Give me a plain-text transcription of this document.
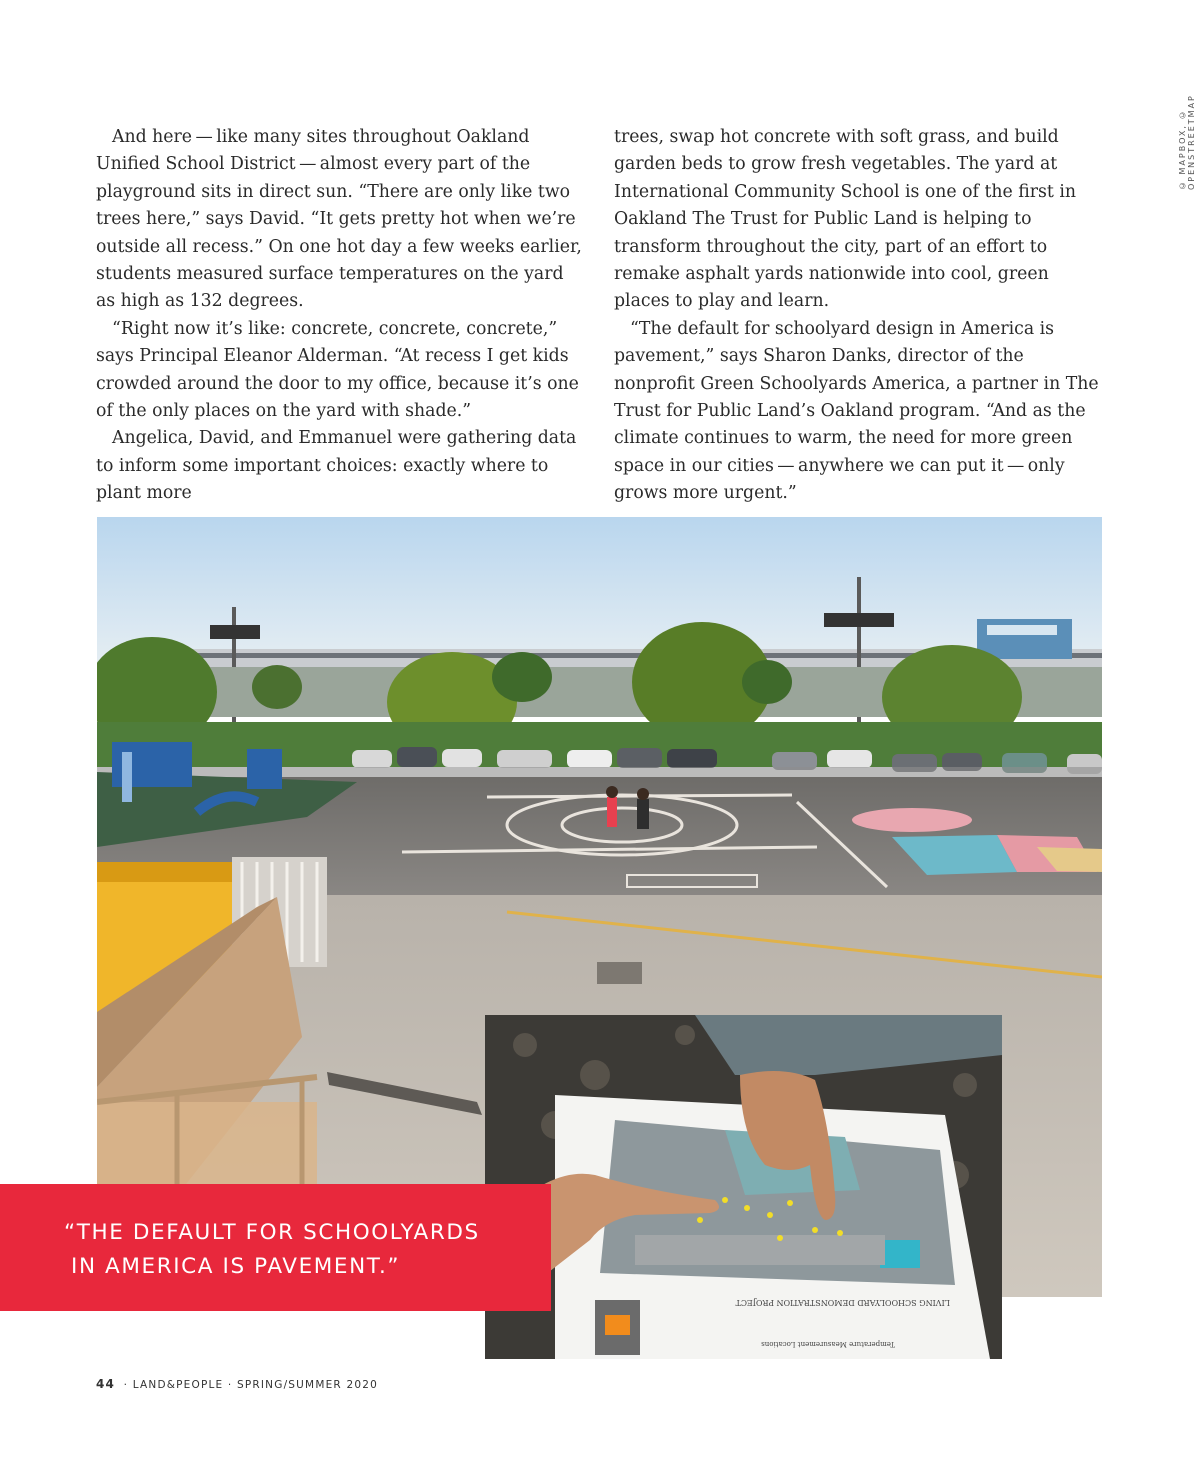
© MAPBOX, © OPENSTREETMAP

And here — like many sites throughout Oakland Unified School District — almost every part of the playground sits in direct sun. “There are only like two trees here,” says David. “It gets pretty hot when we’re outside all recess.” On one hot day a few weeks earlier, students measured surface temperatures on the yard as high as 132 degrees.

“Right now it’s like: concrete, concrete, concrete,” says Principal Eleanor Alderman. “At recess I get kids crowded around the door to my office, because it’s one of the only places on the yard with shade.”

Angelica, David, and Emmanuel were gathering data to inform some important choices: exactly where to plant more

trees, swap hot concrete with soft grass, and build garden beds to grow fresh vegetables. The yard at International Community School is one of the first in Oakland The Trust for Public Land is helping to transform throughout the city, part of an effort to remake asphalt yards nationwide into cool, green places to play and learn.

“The default for schoolyard design in America is pavement,” says Sharon Danks, director of the nonprofit Green Schoolyards America, a partner in The Trust for Public Land’s Oakland program. “And as the climate continues to warm, the need for more green space in our cities — anywhere we can put it — only grows more urgent.”

Temperature Measurement Locations
LIVING SCHOOLYARD DEMONSTRATION PROJECT
“THE DEFAULT FOR SCHOOLYARDS
IN AMERICA IS PAVEMENT.”
44 · LAND&PEOPLE · SPRING/SUMMER 2020
